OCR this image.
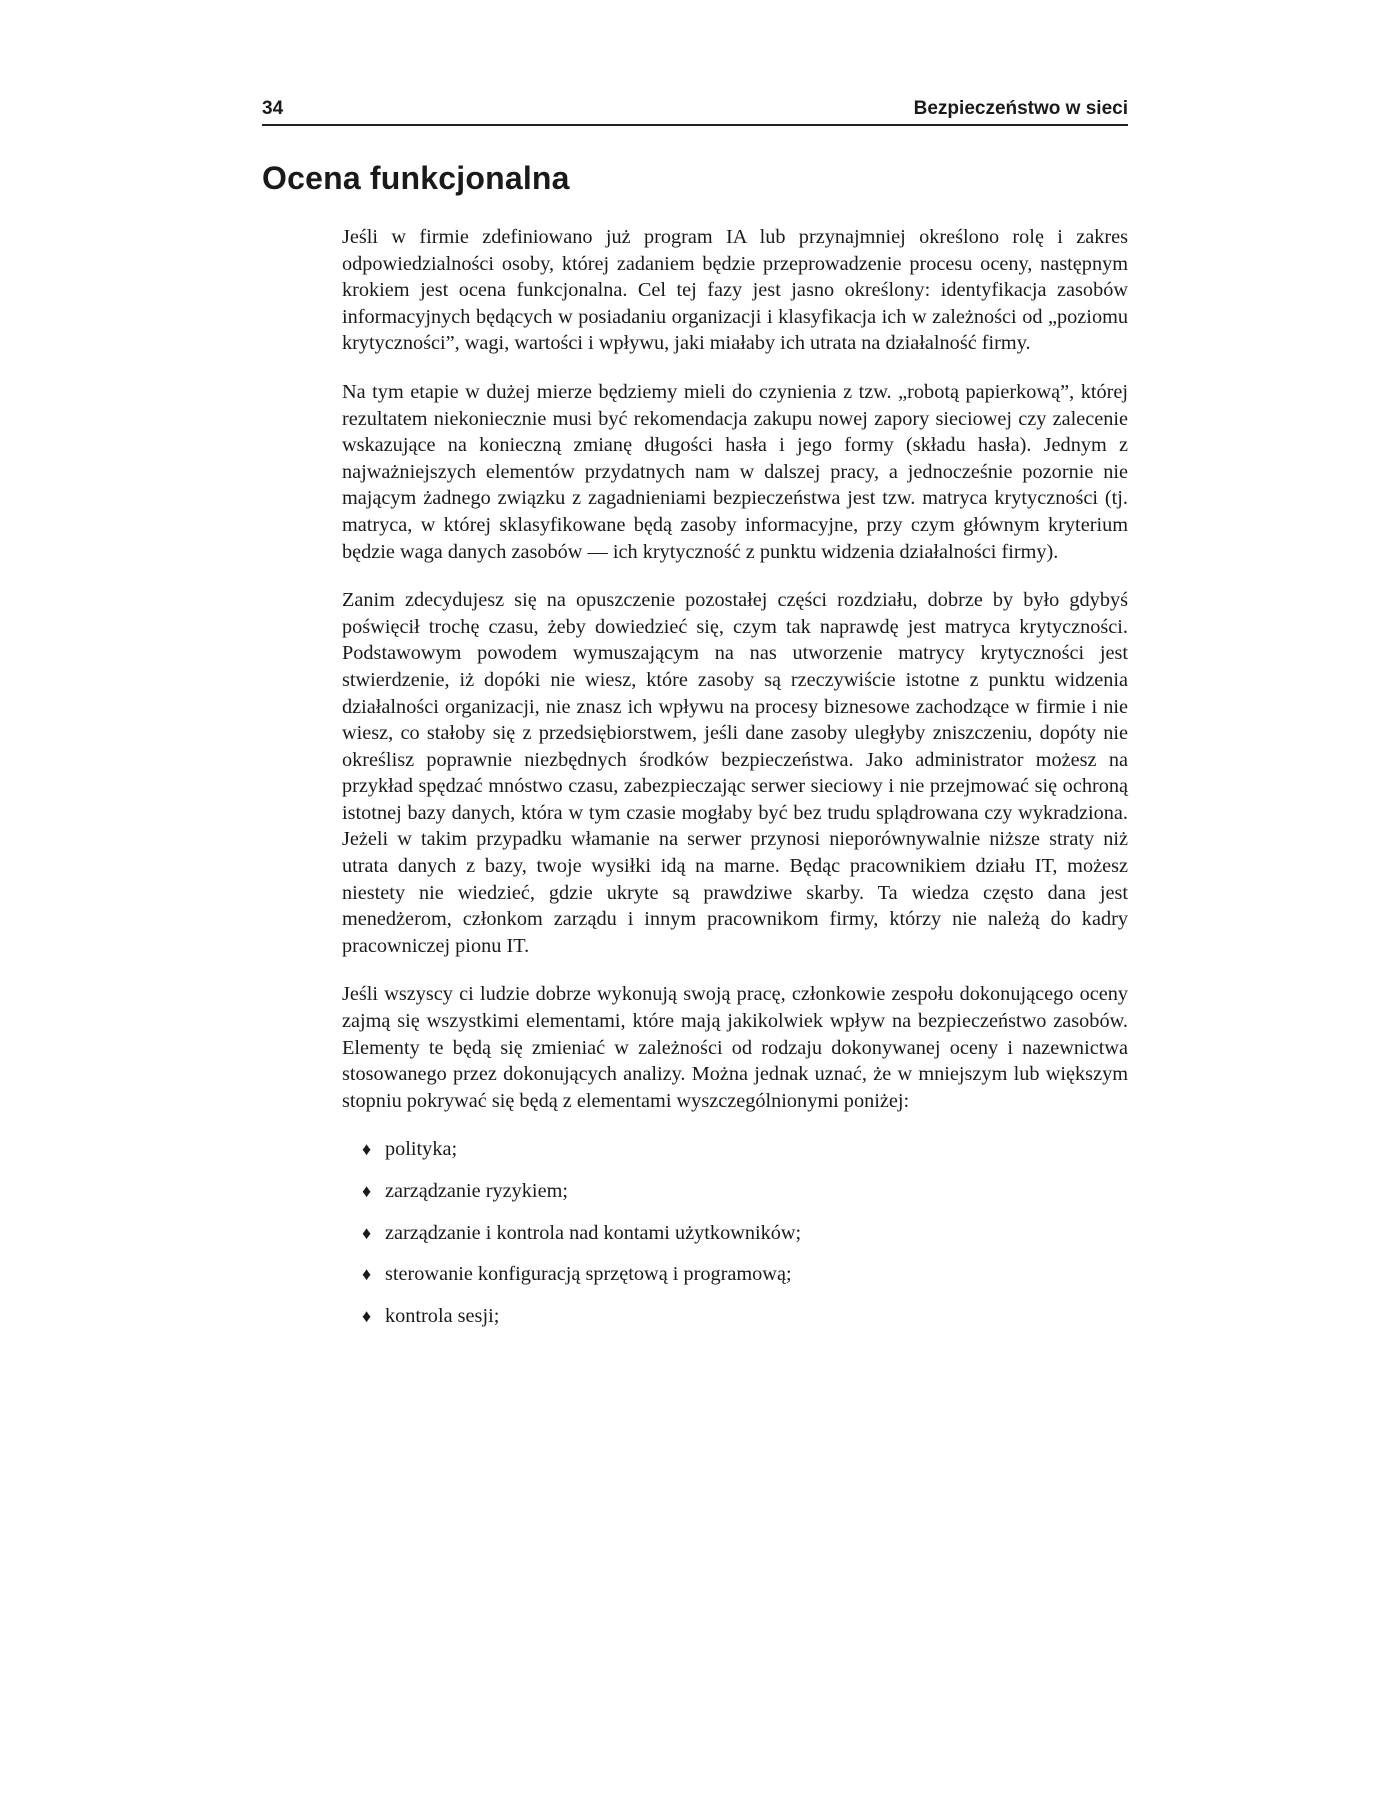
34	Bezpieczeństwo w sieci
Ocena funkcjonalna

Jeśli w firmie zdefiniowano już program IA lub przynajmniej określono rolę i zakres odpowiedzialności osoby, której zadaniem będzie przeprowadzenie procesu oceny, następnym krokiem jest ocena funkcjonalna. Cel tej fazy jest jasno określony: identyfikacja zasobów informacyjnych będących w posiadaniu organizacji i klasyfikacja ich w zależności od „poziomu krytyczności”, wagi, wartości i wpływu, jaki miałaby ich utrata na działalność firmy.

Na tym etapie w dużej mierze będziemy mieli do czynienia z tzw. „robotą papierkową”, której rezultatem niekoniecznie musi być rekomendacja zakupu nowej zapory sieciowej czy zalecenie wskazujące na konieczną zmianę długości hasła i jego formy (składu hasła). Jednym z najważniejszych elementów przydatnych nam w dalszej pracy, a jednocześnie pozornie nie mającym żadnego związku z zagadnieniami bezpieczeństwa jest tzw. matryca krytyczności (tj. matryca, w której sklasyfikowane będą zasoby informacyjne, przy czym głównym kryterium będzie waga danych zasobów — ich krytyczność z punktu widzenia działalności firmy).

Zanim zdecydujesz się na opuszczenie pozostałej części rozdziału, dobrze by było gdybyś poświęcił trochę czasu, żeby dowiedzieć się, czym tak naprawdę jest matryca krytyczności. Podstawowym powodem wymuszającym na nas utworzenie matrycy krytyczności jest stwierdzenie, iż dopóki nie wiesz, które zasoby są rzeczywiście istotne z punktu widzenia działalności organizacji, nie znasz ich wpływu na procesy biznesowe zachodzące w firmie i nie wiesz, co stałoby się z przedsiębiorstwem, jeśli dane zasoby uległyby zniszczeniu, dopóty nie określisz poprawnie niezbędnych środków bezpieczeństwa. Jako administrator możesz na przykład spędzać mnóstwo czasu, zabezpieczając serwer sieciowy i nie przejmować się ochroną istotnej bazy danych, która w tym czasie mogłaby być bez trudu splądrowana czy wykradziona. Jeżeli w takim przypadku włamanie na serwer przynosi nieporównywalnie niższe straty niż utrata danych z bazy, twoje wysiłki idą na marne. Będąc pracownikiem działu IT, możesz niestety nie wiedzieć, gdzie ukryte są prawdziwe skarby. Ta wiedza często dana jest menedżerom, członkom zarządu i innym pracownikom firmy, którzy nie należą do kadry pracowniczej pionu IT.

Jeśli wszyscy ci ludzie dobrze wykonują swoją pracę, członkowie zespołu dokonującego oceny zajmą się wszystkimi elementami, które mają jakikolwiek wpływ na bezpieczeństwo zasobów. Elementy te będą się zmieniać w zależności od rodzaju dokonywanej oceny i nazewnictwa stosowanego przez dokonujących analizy. Można jednak uznać, że w mniejszym lub większym stopniu pokrywać się będą z elementami wyszczególnionymi poniżej:

♦ polityka;
♦ zarządzanie ryzykiem;
♦ zarządzanie i kontrola nad kontami użytkowników;
♦ sterowanie konfiguracją sprzętową i programową;
♦ kontrola sesji;
